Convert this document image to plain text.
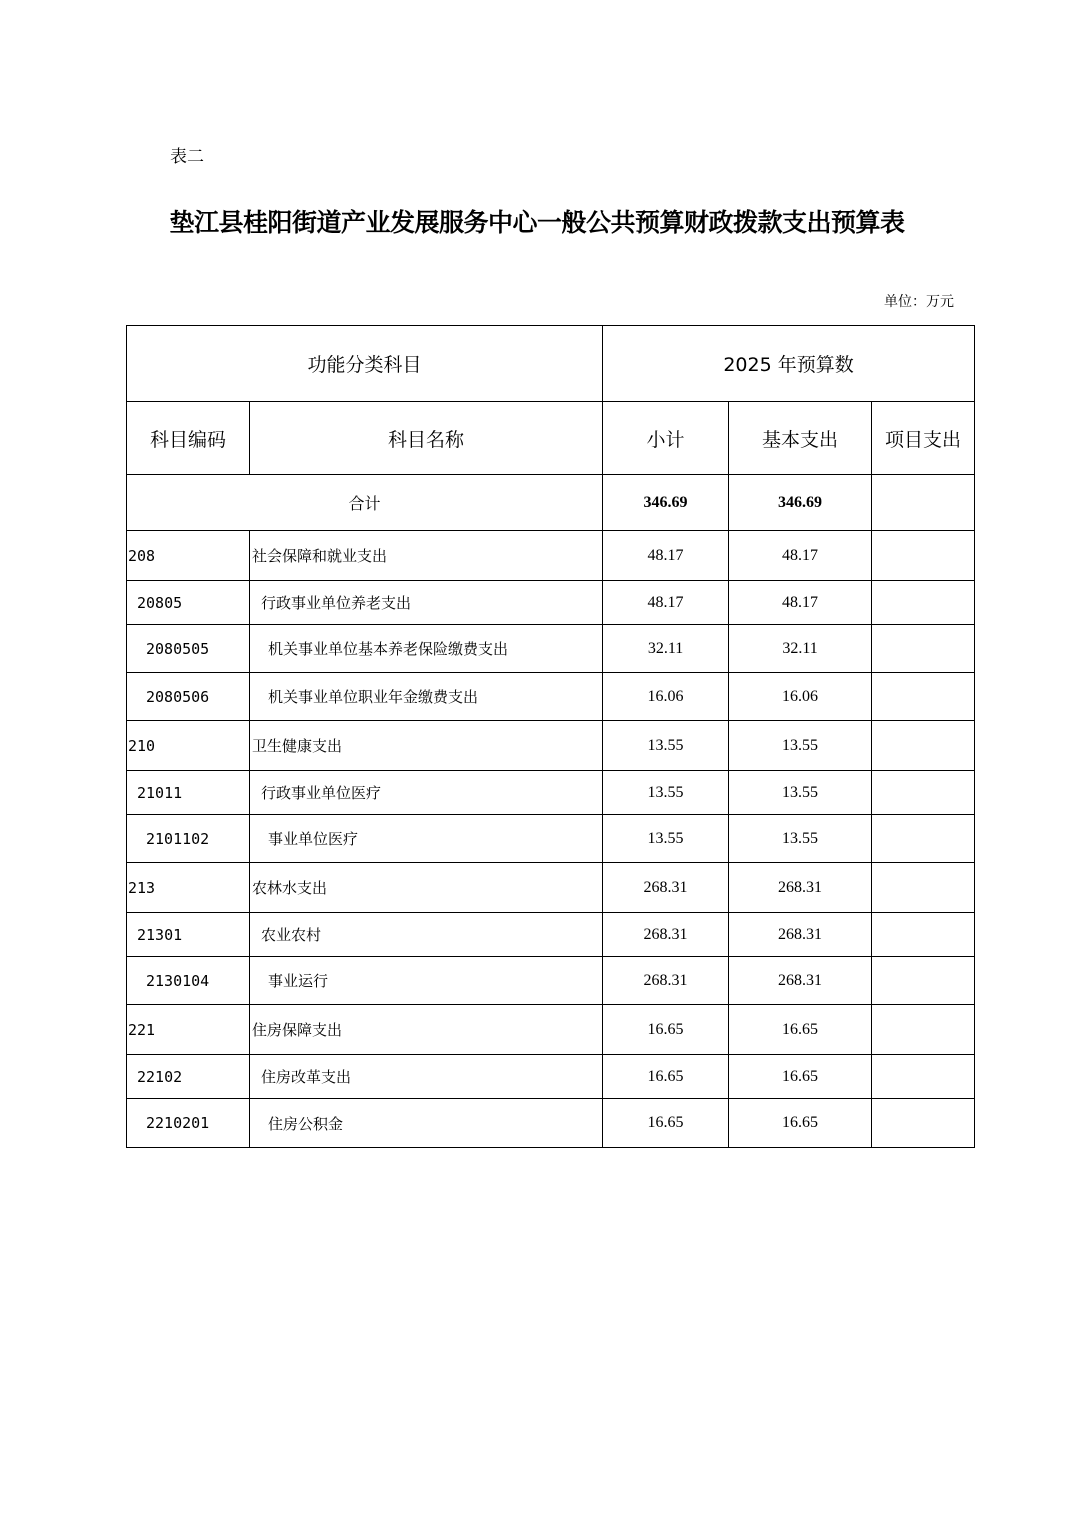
表二
垫江县桂阳街道产业发展服务中心一般公共预算财政拨款支出预算表
单位：万元
功能分类科目		2025 年预算数		
科目编码	科目名称	小计	基本支出	项目支出
合计		346.69	346.69	
208	社会保障和就业支出	48.17	48.17	
20805	行政事业单位养老支出	48.17	48.17	
2080505	机关事业单位基本养老保险缴费支出	32.11	32.11	
2080506	机关事业单位职业年金缴费支出	16.06	16.06	
210	卫生健康支出	13.55	13.55	
21011	行政事业单位医疗	13.55	13.55	
2101102	事业单位医疗	13.55	13.55	
213	农林水支出	268.31	268.31	
21301	农业农村	268.31	268.31	
2130104	事业运行	268.31	268.31	
221	住房保障支出	16.65	16.65	
22102	住房改革支出	16.65	16.65	
2210201	住房公积金	16.65	16.65	
